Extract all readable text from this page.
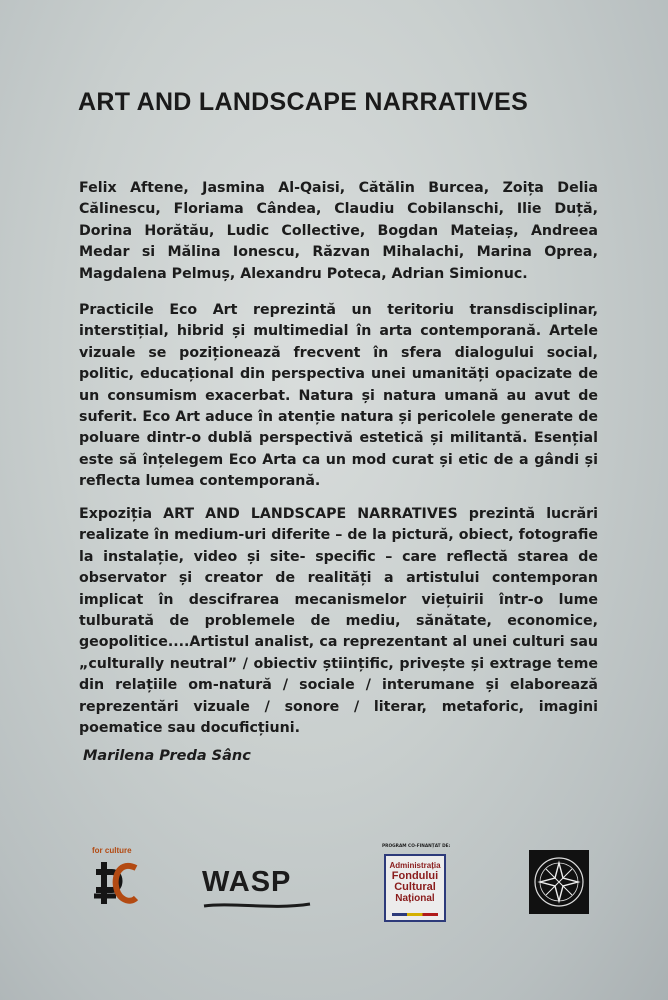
ART AND LANDSCAPE NARRATIVES
Felix Aftene, Jasmina Al-Qaisi, Cătălin Burcea, Zoița Delia Călinescu, Floriama Cândea, Claudiu Cobilanschi, Ilie Duță, Dorina Horătău, Ludic Collective, Bogdan Mateiaș, Andreea Medar si Mălina Ionescu, Răzvan Mihalachi, Marina Oprea, Magdalena Pelmuș, Alexandru Poteca, Adrian Simionuc.
Practicile Eco Art reprezintă un teritoriu transdisciplinar, interstițial, hibrid și multimedial în arta contemporană. Artele vizuale se poziționează frecvent în sfera dialogului social, politic, educațional din perspectiva unei umanități opacizate de un consumism exacerbat. Natura și natura umană au avut de suferit. Eco Art aduce în atenție natura și pericolele generate de poluare dintr-o dublă perspectivă estetică și militantă. Esențial este să înțelegem Eco Arta ca un mod curat și etic de a gândi și reflecta lumea contemporană.
Expoziția ART AND LANDSCAPE NARRATIVES prezintă lucrări realizate în medium-uri diferite – de la pictură, obiect, fotografie la instalație, video și site- specific – care reflectă starea de observator și creator de realități a artistului contemporan implicat în descifrarea mecanismelor viețuirii într-o lume tulburată de problemele de mediu, sănătate, economice, geopolitice....Artistul analist, ca reprezentant al unei culturi sau „culturally neutral” / obiectiv științific, privește și extrage teme din relațiile om-natură / sociale / interumane și elaborează reprezentări vizuale / sonore / literar, metaforic, imagini poematice sau docuficțiuni.
Marilena Preda Sânc
for culture
WASP
PROGRAM CO-FINANȚAT DE:
Administrația
Fondului
Cultural
Național
